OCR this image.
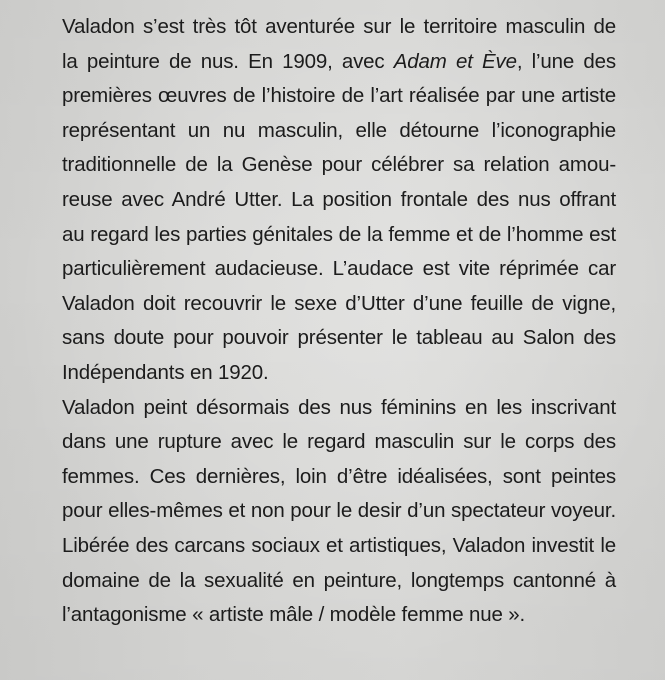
Valadon s’est très tôt aventurée sur le territoire masculin de
la peinture de nus. En 1909, avec Adam et Ève, l’une des
premières œuvres de l’histoire de l’art réalisée par une artiste
représentant un nu masculin, elle détourne l’iconographie
traditionnelle de la Genèse pour célébrer sa relation amou-
reuse avec André Utter. La position frontale des nus offrant
au regard les parties génitales de la femme et de l’homme est
particulièrement audacieuse. L’audace est vite réprimée car
Valadon doit recouvrir le sexe d’Utter d’une feuille de vigne,
sans doute pour pouvoir présenter le tableau au Salon des
Indépendants en 1920.
Valadon peint désormais des nus féminins en les inscrivant
dans une rupture avec le regard masculin sur le corps des
femmes. Ces dernières, loin d’être idéalisées, sont peintes
pour elles-mêmes et non pour le desir d’un spectateur voyeur.
Libérée des carcans sociaux et artistiques, Valadon investit le
domaine de la sexualité en peinture, longtemps cantonné à
l’antagonisme « artiste mâle / modèle femme nue ».
